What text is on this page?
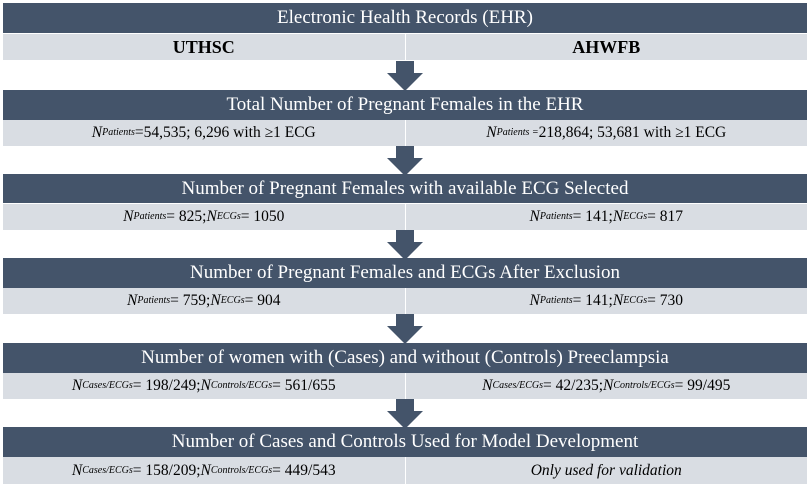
Electronic Health Records (EHR)
UTHSC	AHWFB
Total Number of Pregnant Females in the EHR
N Patients = 54,535; 6,296 with ≥1 ECG	N Patients = 218,864; 53,681 with ≥1 ECG
Number of Pregnant Females with available ECG Selected
N Patients = 825; N ECGs = 1050	N Patients = 141; N ECGs = 817
Number of Pregnant Females and ECGs After Exclusion
N Patients = 759; N ECGs = 904	N Patients = 141; N ECGs = 730
Number of women with (Cases) and without (Controls) Preeclampsia
N Cases/ECGs = 198/249; N Controls/ECGs = 561/655	N Cases/ECGs = 42/235; N Controls/ECGs = 99/495
Number of Cases and Controls Used for Model Development
N Cases/ECGs = 158/209; N Controls/ECGs = 449/543	Only used for validation
